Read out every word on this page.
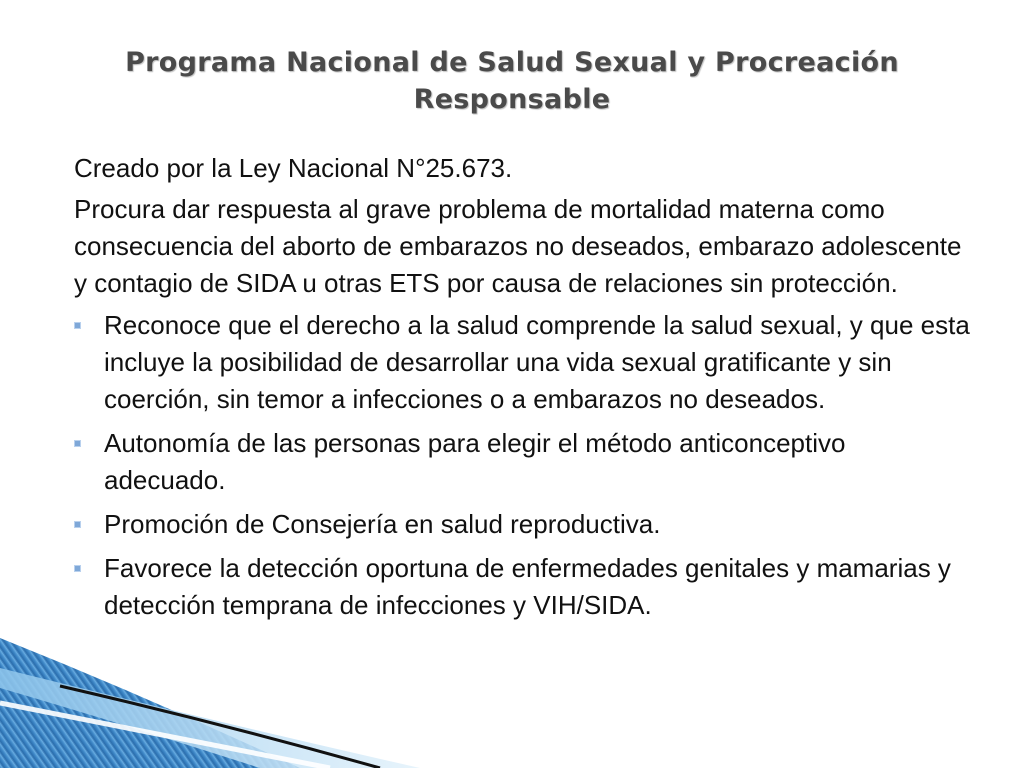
Programa Nacional de Salud Sexual y Procreación Responsable

Creado por la Ley Nacional N°25.673.

Procura dar respuesta al grave problema de mortalidad materna como consecuencia del aborto de embarazos no deseados, embarazo adolescente y contagio de SIDA u otras ETS por causa de relaciones sin protección.

Reconoce que el derecho a la salud comprende la salud sexual, y que esta incluye la posibilidad de desarrollar una vida sexual gratificante y sin coerción, sin temor a infecciones o a embarazos no deseados.
Autonomía de las personas para elegir el método anticonceptivo adecuado.
Promoción de Consejería en salud reproductiva.
Favorece la detección oportuna de enfermedades genitales y mamarias y detección temprana de infecciones y VIH/SIDA.
